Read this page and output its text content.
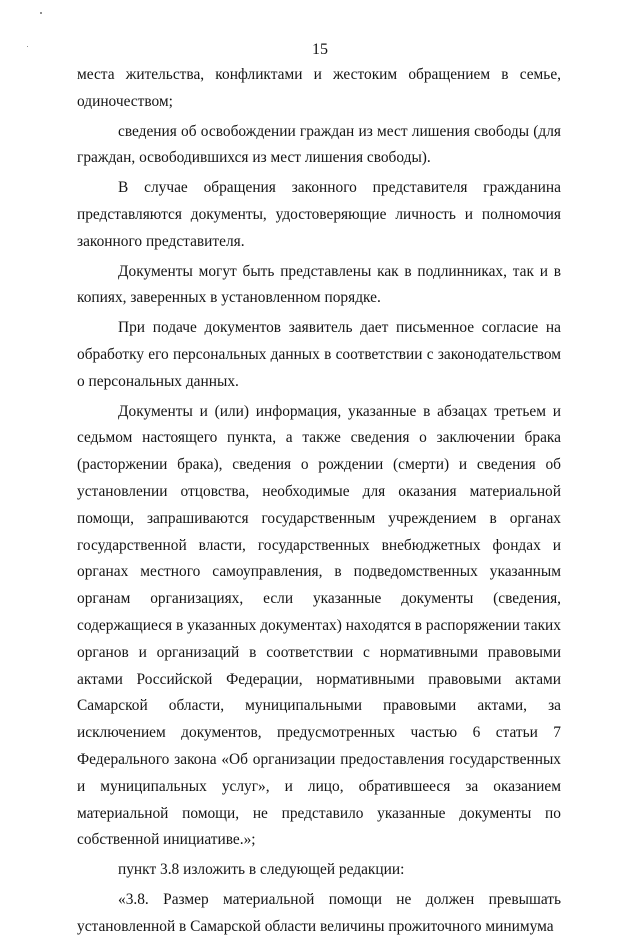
15

места жительства, конфликтами и жестоким обращением в семье, одиночеством;

сведения об освобождении граждан из мест лишения свободы (для граждан, освободившихся из мест лишения свободы).

В случае обращения законного представителя гражданина представляются документы, удостоверяющие личность и полномочия законного представителя.

Документы могут быть представлены как в подлинниках, так и в копиях, заверенных в установленном порядке.

При подаче документов заявитель дает письменное согласие на обработку его персональных данных в соответствии с законодательством о персональных данных.

Документы и (или) информация, указанные в абзацах третьем и седьмом настоящего пункта, а также сведения о заключении брака (расторжении брака), сведения о рождении (смерти) и сведения об установлении отцовства, необходимые для оказания материальной помощи, запрашиваются государственным учреждением в органах государственной власти, государственных внебюджетных фондах и органах местного самоуправления, в подведомственных указанным органам организациях, если указанные документы (сведения, содержащиеся в указанных документах) находятся в распоряжении таких органов и организаций в соответствии с нормативными правовыми актами Российской Федерации, нормативными правовыми актами Самарской области, муниципальными правовыми актами, за исключением документов, предусмотренных частью 6 статьи 7 Федерального закона «Об организации предоставления государственных и муниципальных услуг», и лицо, обратившееся за оказанием материальной помощи, не представило указанные документы по собственной инициативе.»;

пункт 3.8 изложить в следующей редакции:

«3.8. Размер материальной помощи не должен превышать установленной в Самарской области величины прожиточного минимума
